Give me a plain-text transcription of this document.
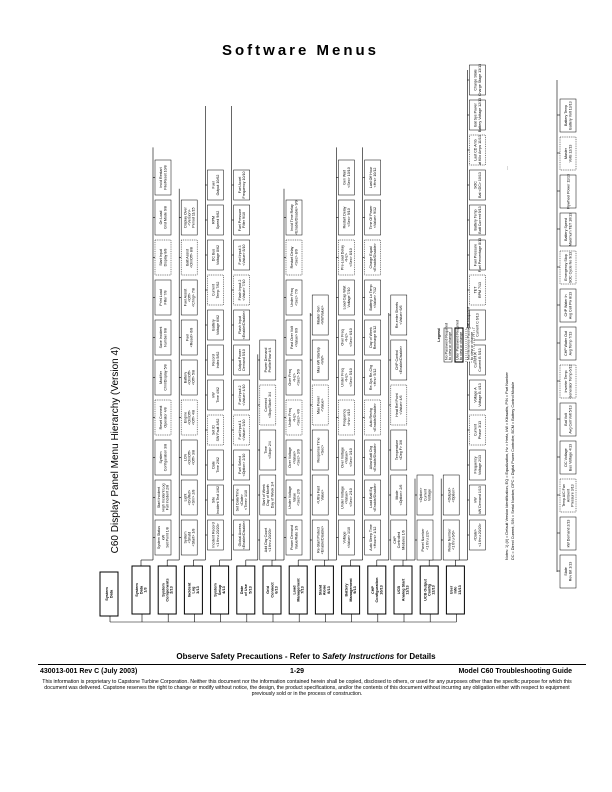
Software Menus
System Data	System Data 1/3
System Status kW Set Point 1/8
Start Incident High Incident Log Full Incident 2/8
System Configuration 3/8
Reset Connect Operator 4/8
Modifier Chnl/Display 5/8
Save Incident Number 6/8
Print Load Filter 7/8
Start Input Display 8/8
On Load Grid Mode 9/8
Incid Restart File/Reset 10/8
System Components 2/13
System <Shutd <Start> 1/8
Light <On/Ref> <Shr> 2/8
LCN <On/Off> <Off> 3/8
Engine <On/Off> <Off> 4/8
Battery <On/Off> <Off> 5/8
Fuel <Reset> 6/8
Fuel Assist <Off> <Chng> 7/8
Batt Assist <On/Off> 8/8
Display Over <Version> Period 11/15
Incident Log 3/13
Incident Record <1 thru 20/20>
Site Incident Text 1/62
Date Time 2/62
Set ID SW Fault 3/62
kW Time 4/62
Record Index 5/62
Battery Voltage 6/62
Current Temp 7/62
DC Bus Voltage 8/62
RPM Speed 9/62
Fuel Output 10/62
System Setup 4/13
Global Access <Enable/Disable>
Set Date/Time <Date> <Time> 1/10
Fuel Select <Option> 2/10
Fuel Input 1 <Value> 3/10
Fuel Input 2 <Value> 4/10
Output Power Demand 5/10
Flash Input <Enable/Disable>
Flash Input 2 <Value> 7/10
Fuel Input 3 <Value> 8/10
Fuel Pressure Filter 9/10
Fuel Accel Frequency 10/10
Date of Use 5/13
Add Day Count <1 thru 20/20>
Start of Week Day of Month Day of Week 1/4
Time <Stop> 2/4
Connect <Stop/Start> 3/4
Power Demand Profile/Flow 4/4
Grid Connect 6/13
Power Demand Value/Rate 1/9
Under Voltage Value <Sec> 2/9
Over Voltage <Value> <Sec> 3/9
Under Freq <Hz> <Sec> 4/9
Over Freq <Hz> <Sec> 5/9
Fast Over Volt <Value> 6/9
Under Freq <Sec> 7/9
Restart Delay <Sec> 8/9
Incid Time Relay <Enable/Disable> 9/9
Load Management 7/13
Re-Start Protect <Enable/Disable>
<Ultra Fast Value>
Response Time <Sec>
Max Power <Value>
Max kW Startup <kW>
Master Gen <kW/Value>
Stand Alone 8/13
Voltage <Value> 1/10
Under Voltage <Value> <Sec> 2/10
Over Voltage <Value> <Sec> 3/10
Frequency <Hz> 4/10
Under Freq <Hz> <Sec> 5/10
Over Freq <Hz> <Sec> 6/10
Load Cap Wait Voltage 7/10
Pre-Load Delay <Hz> <Sec> 8/10
Restart Delay <Sec> 9/10
Gen Wait <Sec> 10/10
Battery Management 9/13
Auto Sleep Time <Hours> 1/12
Load Batt Eq <Enable/Disable>
Allow Batt Chg <Enable/Disable>
Auto Rechg <Enable/Disable>
Re-Sys Re-Chg <Hrs> 5/12
Day of Week Recharge 6/12
Battery Lo Temp <Value> 7/12
Charge Equal <Enable/Disable>
Time Of Power <Value> 9/12
Last Off Hour <Hrs> 10/12
CHP Configuration 10/13
CHP Controlled Modules 1/6
Mode <Option> 2/6
Temperature <Deg F> 3/6
Heat Ref Point <Value> 4/6
CHP Control <Enable/Disable>
Re-enter Sheets <Value> 6/6
UCB Analog Start 11/13
Panel Number <1 thru 2/2>
<Option> Current Voltage
UCB Output Config 12/13
Relay Number <1 thru 6/6>
<Output> <Option>
User Info 13/13
<Date> <1 thru 20/20>
kW kW Demand 1/13
Frequency Voltage 2/13
Current Phase 3/13
Voltage A Voltage B 4/13
Current A Current B 5/13
Current C 6/13
TET RPM 7/13
Fuel Pressure Fuel Percentage 8/13
Battery Temp Batt Current 9/13
SOC Bat <DC> 10/13
Last CD Amb at Kilo Amps 11/13
Bat Sys Power Battery Voltage 12/13
Charge State Charge Stage 13/13
State Rev Bit 1/13
kW Demand 2/13
Temp A/C Fan Ambient Pressure 3/13
DC Voltage Bus Voltage 4/13
Bat Volt Avg Cell Volt 5/13
Inverter Temp Generator Temp 6/13
CHP Water Out Avg Temp 7/13
CHP Water In Avg Cell Pw 8/13
Emergency Stop SOC Cycle No 9/13
Battery Speed Maximum TET 10/13
Flywheel Power 11/13
Master Volts 12/13
Battery Temp Battery Volt 13/13
C60 Display Panel Menu Hierarchy (Version 4)
Legend No Password Required to view or change User Password Required to view or change Maintenance Password Required to view or change
Notes: 1) (#) = Default Version Identification, EQ = Equalization, Hz = Hertz, kW = Kilowatts, P/N = Part Number DC = Direct Current, S/N = Serial Number, DPC = Digital Power Controller, BCM = Battery Control Module
....
Observe Safety Precautions - Refer to Safety Instructions for Details
430013-001 Rev C (July 2003)	1-29	Model C60 Troubleshooting Guide
This information is proprietary to Capstone Turbine Corporation. Neither this document nor the information contained herein shall be copied, disclosed to others, or used for any purposes other than the specific purpose for which this document was delivered. Capstone reserves the right to change or modify without notice, the design, the product specifications, and/or the contents of this document without incurring any obligation either with respect to equipment previously sold or in the process of construction.
